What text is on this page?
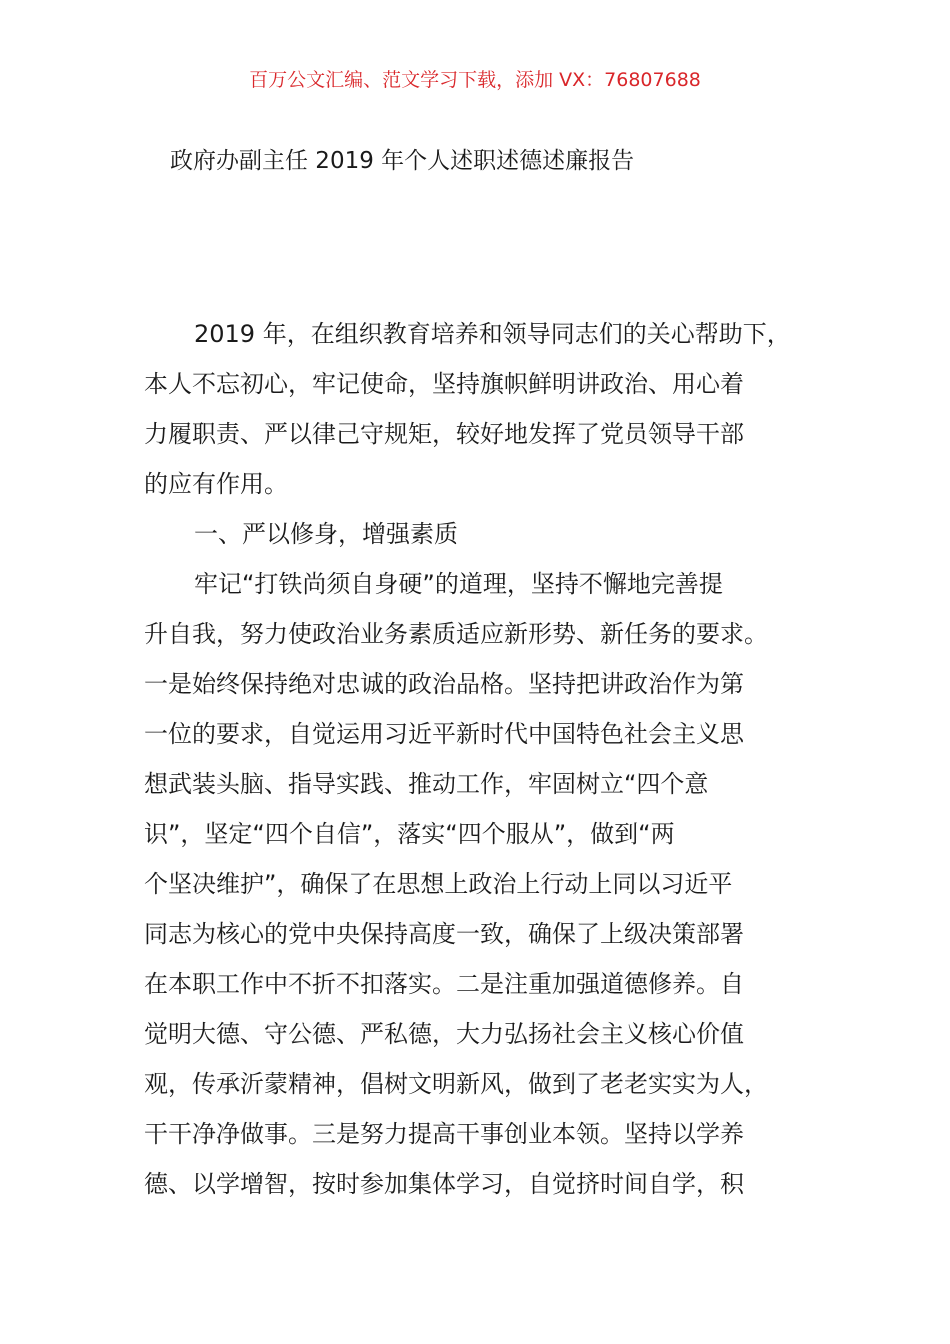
百万公文汇编、范文学习下载，添加 VX：76807688
政府办副主任 2019 年个人述职述德述廉报告
2019 年，在组织教育培养和领导同志们的关心帮助下，
本人不忘初心，牢记使命，坚持旗帜鲜明讲政治、用心着
力履职责、严以律己守规矩，较好地发挥了党员领导干部
的应有作用。
一、严以修身，增强素质
牢记“打铁尚须自身硬”的道理，坚持不懈地完善提
升自我，努力使政治业务素质适应新形势、新任务的要求。
一是始终保持绝对忠诚的政治品格。坚持把讲政治作为第
一位的要求，自觉运用习近平新时代中国特色社会主义思
想武装头脑、指导实践、推动工作，牢固树立“四个意
识”，坚定“四个自信”，落实“四个服从”，做到“两
个坚决维护”，确保了在思想上政治上行动上同以习近平
同志为核心的党中央保持高度一致，确保了上级决策部署
在本职工作中不折不扣落实。二是注重加强道德修养。自
觉明大德、守公德、严私德，大力弘扬社会主义核心价值
观，传承沂蒙精神，倡树文明新风，做到了老老实实为人，
干干净净做事。三是努力提高干事创业本领。坚持以学养
德、以学增智，按时参加集体学习，自觉挤时间自学，积
